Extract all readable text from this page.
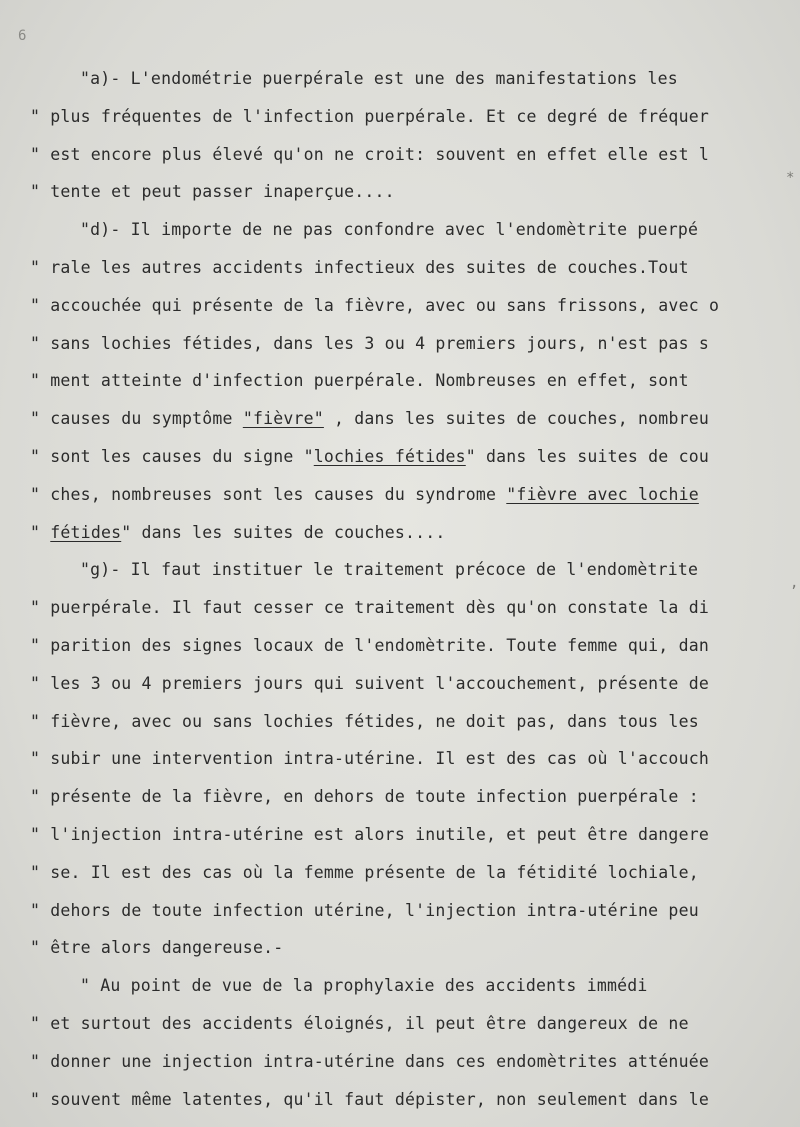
6
*
,
"a)- L'endométrie puerpérale est une des manifestations les
" plus fréquentes de l'infection puerpérale. Et ce degré de fréquer
" est encore plus élevé qu'on ne croit: souvent en effet elle est l
" tente et peut passer inaperçue....
"d)- Il importe de ne pas confondre avec l'endomètrite puerpé
" rale les autres accidents infectieux des suites de couches.Tout
" accouchée qui présente de la fièvre, avec ou sans frissons, avec o
" sans lochies fétides, dans les 3 ou 4 premiers jours, n'est pas s
" ment atteinte d'infection puerpérale. Nombreuses en effet, sont
" causes du symptôme "fièvre" , dans les suites de couches, nombreu
" sont les causes du signe "lochies fétides" dans les suites de cou
" ches, nombreuses sont les causes du syndrome "fièvre avec lochie
" fétides" dans les suites de couches....
"g)- Il faut instituer le traitement précoce de l'endomètrite
" puerpérale. Il faut cesser ce traitement dès qu'on constate la di
" parition des signes locaux de l'endomètrite. Toute femme qui, dan
" les 3 ou 4 premiers jours qui suivent l'accouchement, présente de
" fièvre, avec ou sans lochies fétides, ne doit pas, dans tous les
" subir une intervention intra-utérine. Il est des cas où l'accouch
" présente de la fièvre, en dehors de toute infection puerpérale :
" l'injection intra-utérine est alors inutile, et peut être dangere
" se. Il est des cas où la femme présente de la fétidité lochiale,
" dehors de toute infection utérine, l'injection intra-utérine peu
" être alors dangereuse.-
" Au point de vue de la prophylaxie des accidents immédi
" et surtout des accidents éloignés, il peut être dangereux de ne
" donner une injection intra-utérine dans ces endomètrites atténuée
" souvent même latentes, qu'il faut dépister, non seulement dans le
